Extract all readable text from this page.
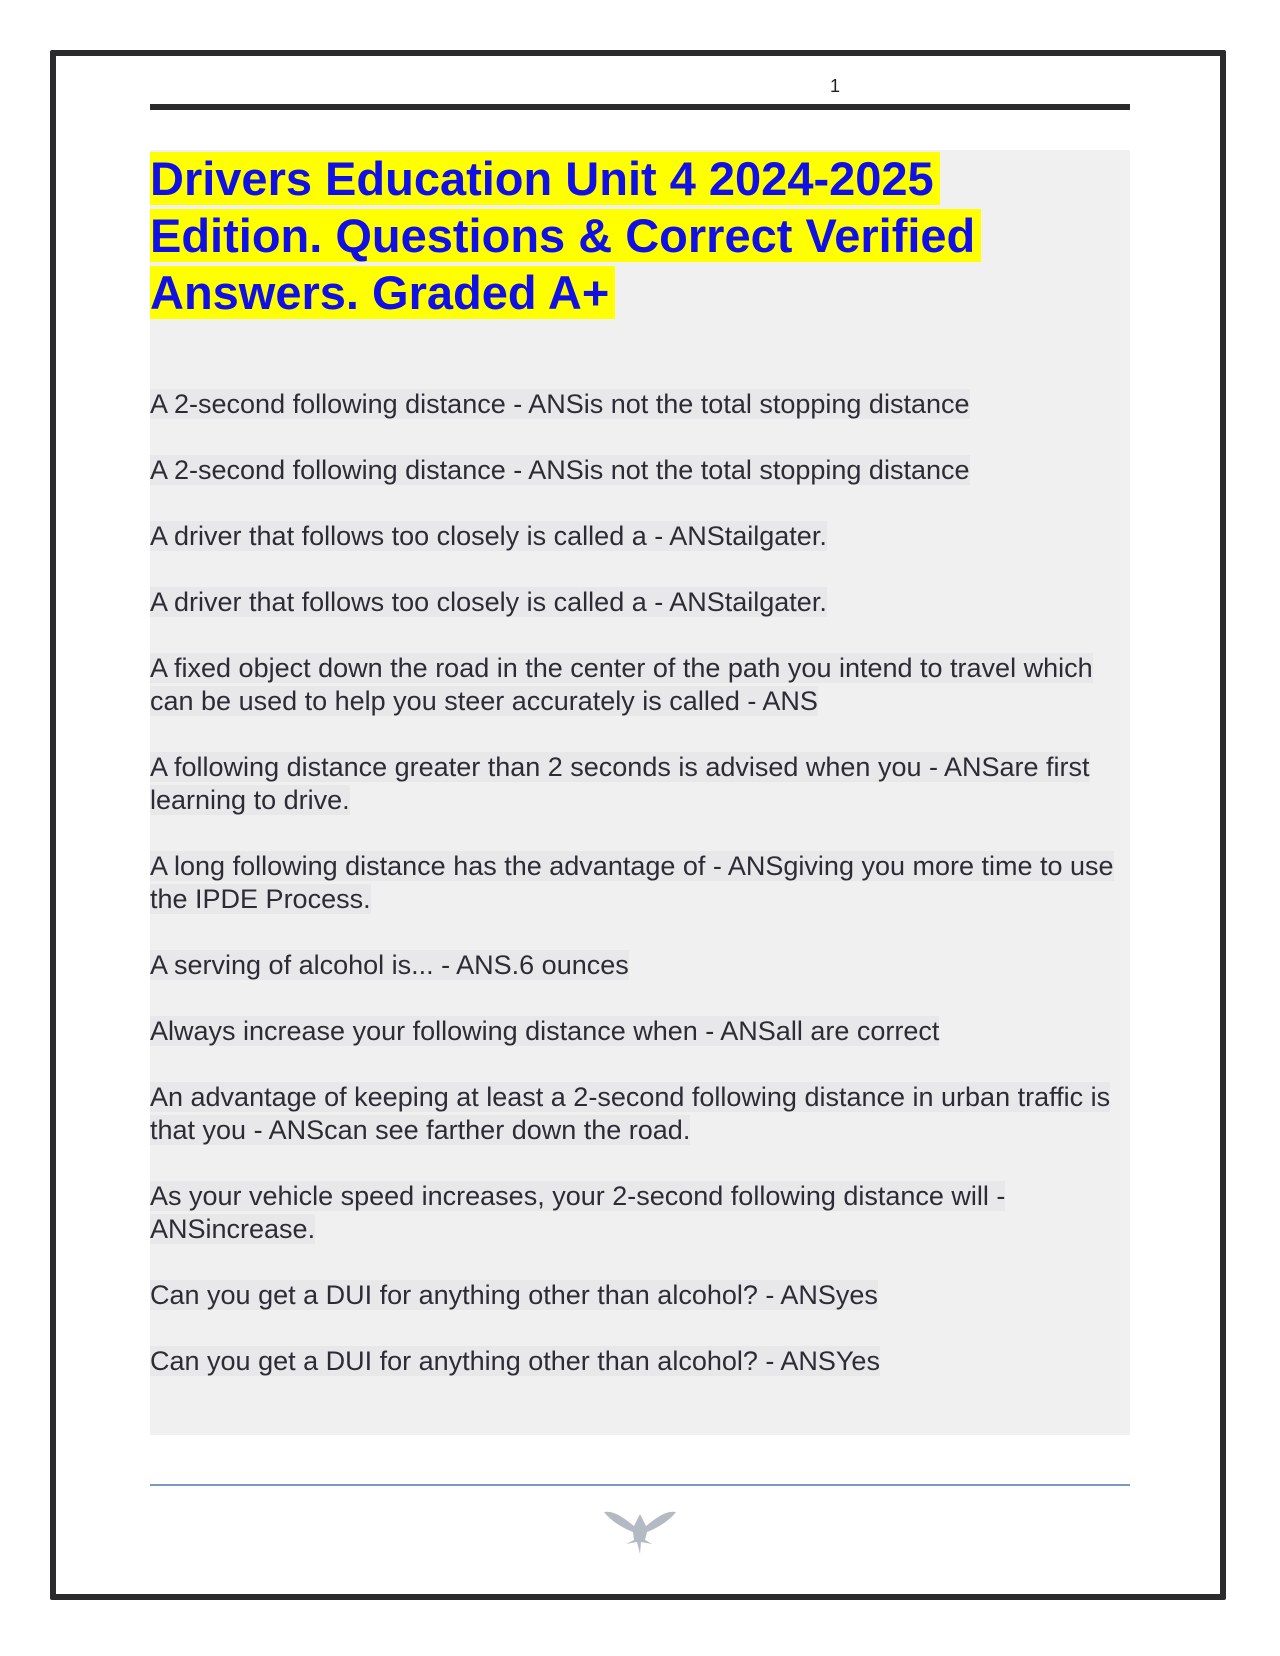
1
Drivers Education Unit 4 2024-2025
Edition. Questions & Correct Verified
Answers. Graded A+
A 2-second following distance - ANSis not the total stopping distance
A 2-second following distance - ANSis not the total stopping distance
A driver that follows too closely is called a - ANStailgater.
A driver that follows too closely is called a - ANStailgater.
A fixed object down the road in the center of the path you intend to travel which can be used to help you steer accurately is called - ANS
A following distance greater than 2 seconds is advised when you - ANSare first learning to drive.
A long following distance has the advantage of - ANSgiving you more time to use the IPDE Process.
A serving of alcohol is... - ANS.6 ounces
Always increase your following distance when - ANSall are correct
An advantage of keeping at least a 2-second following distance in urban traffic is that you - ANScan see farther down the road.
As your vehicle speed increases, your 2-second following distance will - ANSincrease.
Can you get a DUI for anything other than alcohol? - ANSyes
Can you get a DUI for anything other than alcohol? - ANSYes
